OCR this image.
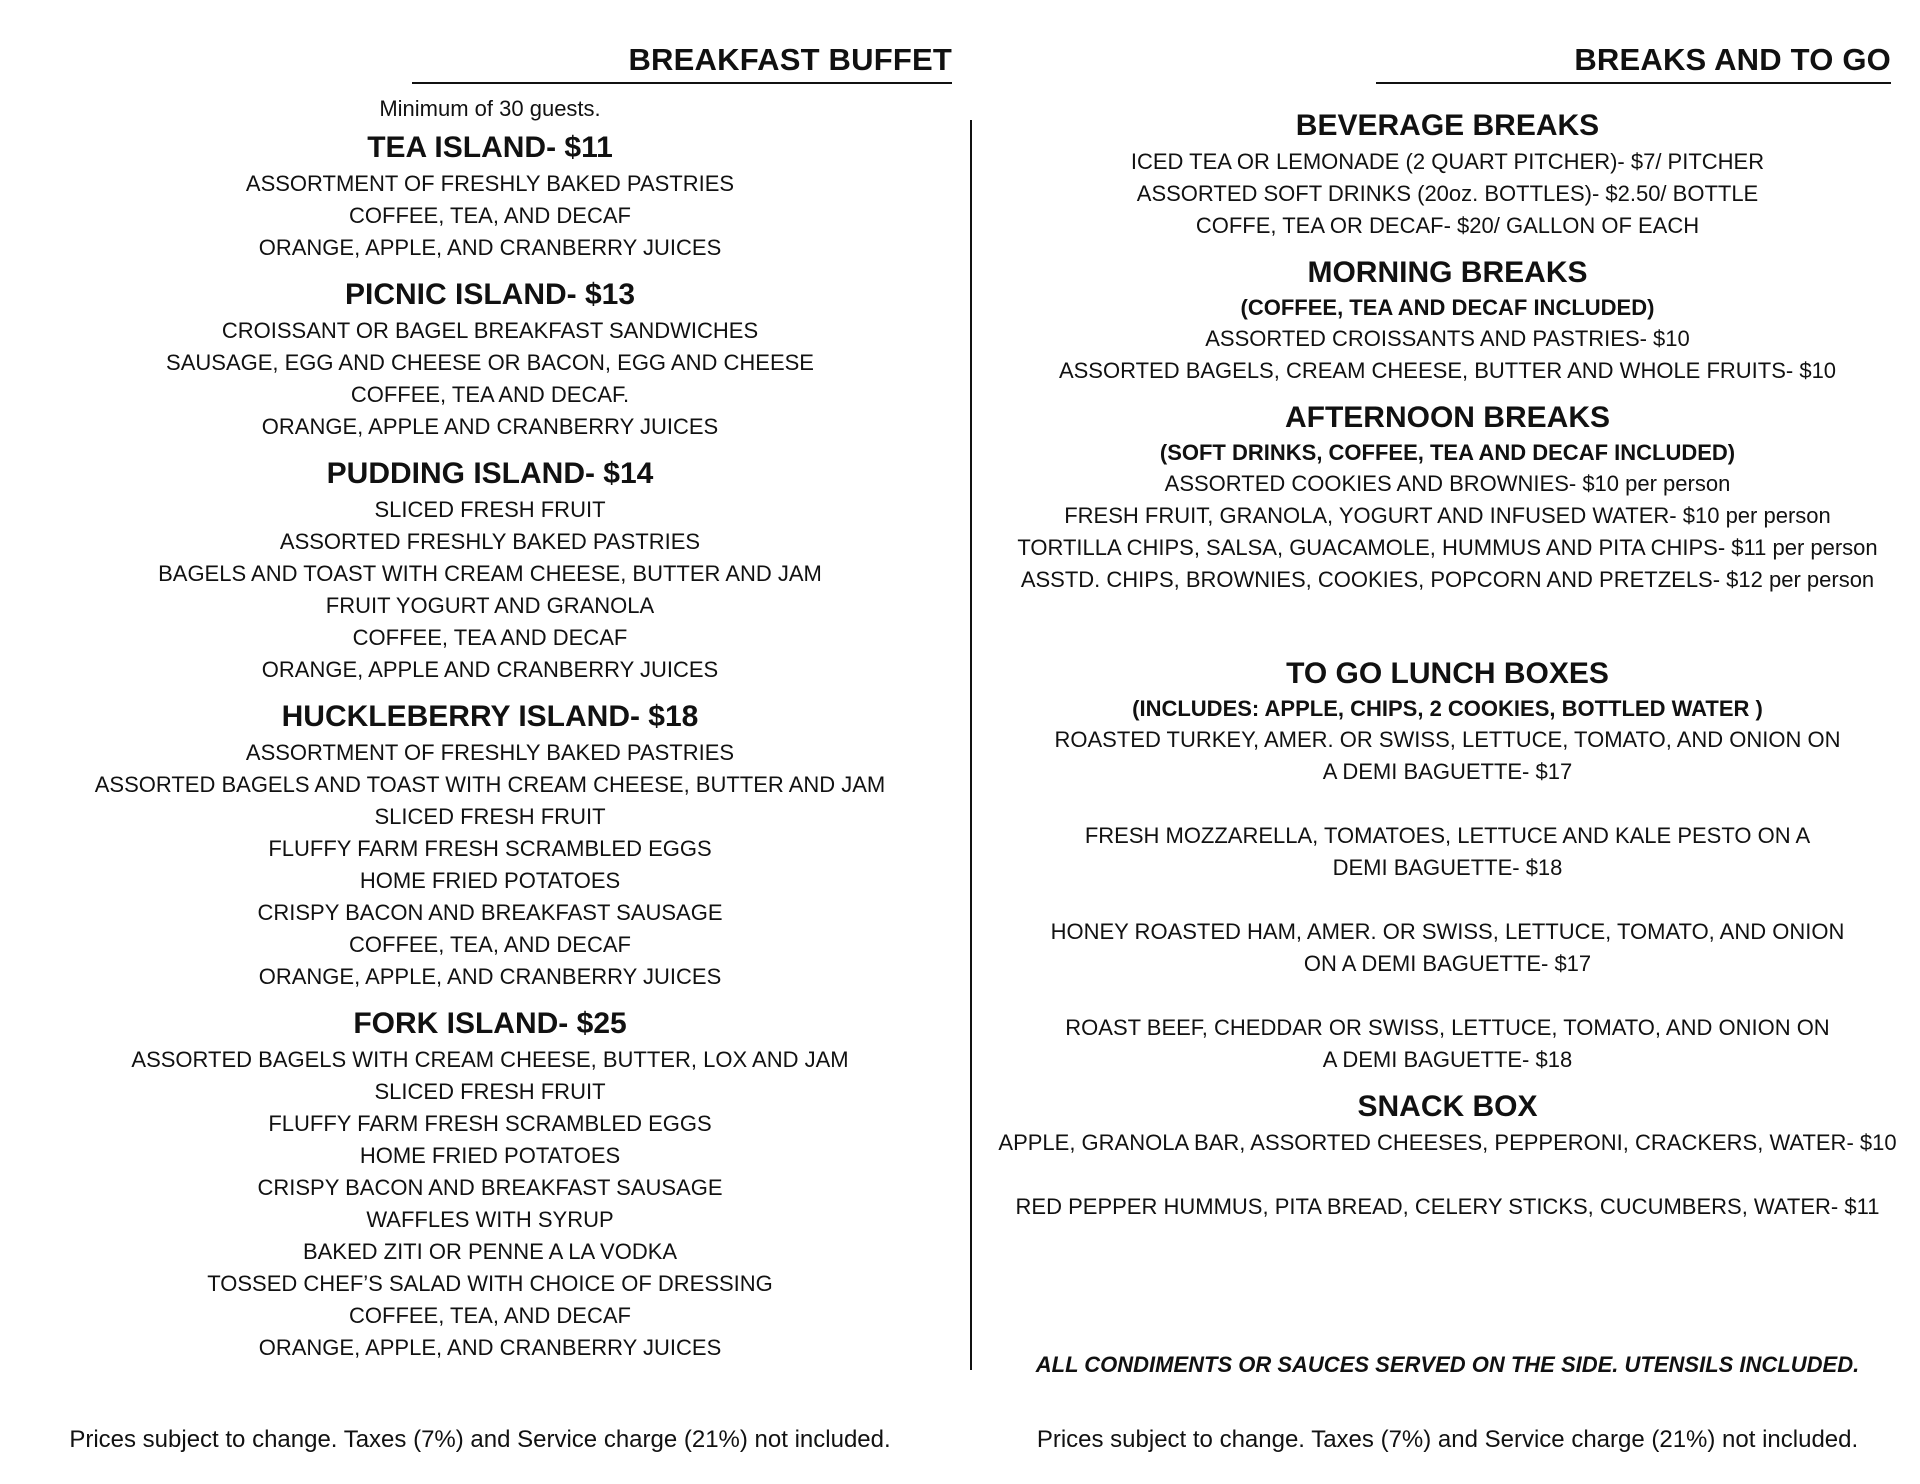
BREAKFAST BUFFET	BREAKS AND TO GO
Minimum of 30 guests.
TEA ISLAND- $11
ASSORTMENT OF FRESHLY BAKED PASTRIES
COFFEE, TEA, AND DECAF
ORANGE, APPLE, AND CRANBERRY JUICES
PICNIC ISLAND- $13
CROISSANT OR BAGEL BREAKFAST SANDWICHES
SAUSAGE, EGG AND CHEESE OR BACON, EGG AND CHEESE
COFFEE, TEA AND DECAF.
ORANGE, APPLE AND CRANBERRY JUICES
PUDDING ISLAND- $14
SLICED FRESH FRUIT
ASSORTED FRESHLY BAKED PASTRIES
BAGELS AND TOAST WITH CREAM CHEESE, BUTTER AND JAM
FRUIT YOGURT AND GRANOLA
COFFEE, TEA AND DECAF
ORANGE, APPLE AND CRANBERRY JUICES
HUCKLEBERRY ISLAND- $18
ASSORTMENT OF FRESHLY BAKED PASTRIES
ASSORTED BAGELS AND TOAST WITH CREAM CHEESE, BUTTER AND JAM
SLICED FRESH FRUIT
FLUFFY FARM FRESH SCRAMBLED EGGS
HOME FRIED POTATOES
CRISPY BACON AND BREAKFAST SAUSAGE
COFFEE, TEA, AND DECAF
ORANGE, APPLE, AND CRANBERRY JUICES
FORK ISLAND- $25
ASSORTED BAGELS WITH CREAM CHEESE, BUTTER, LOX AND JAM
SLICED FRESH FRUIT
FLUFFY FARM FRESH SCRAMBLED EGGS
HOME FRIED POTATOES
CRISPY BACON AND BREAKFAST SAUSAGE
WAFFLES WITH SYRUP
BAKED ZITI OR PENNE A LA VODKA
TOSSED CHEF’S SALAD WITH CHOICE OF DRESSING
COFFEE, TEA, AND DECAF
ORANGE, APPLE, AND CRANBERRY JUICES
BEVERAGE BREAKS
ICED TEA OR LEMONADE (2 QUART PITCHER)- $7/ PITCHER
ASSORTED SOFT DRINKS (20oz. BOTTLES)- $2.50/ BOTTLE
COFFE, TEA OR DECAF- $20/ GALLON OF EACH
MORNING BREAKS
(COFFEE, TEA AND DECAF INCLUDED)
ASSORTED CROISSANTS AND PASTRIES- $10
ASSORTED BAGELS, CREAM CHEESE, BUTTER AND WHOLE FRUITS- $10
AFTERNOON BREAKS
(SOFT DRINKS, COFFEE, TEA AND DECAF INCLUDED)
ASSORTED COOKIES AND BROWNIES- $10 per person
FRESH FRUIT, GRANOLA, YOGURT AND INFUSED WATER- $10 per person
TORTILLA CHIPS, SALSA, GUACAMOLE, HUMMUS AND PITA CHIPS- $11 per person
ASSTD. CHIPS, BROWNIES, COOKIES, POPCORN AND PRETZELS- $12 per person
TO GO LUNCH BOXES
(INCLUDES: APPLE, CHIPS, 2 COOKIES, BOTTLED WATER )
ROASTED TURKEY, AMER. OR SWISS, LETTUCE, TOMATO, AND ONION ON
A DEMI BAGUETTE- $17
FRESH MOZZARELLA, TOMATOES, LETTUCE AND KALE PESTO ON A
DEMI BAGUETTE- $18
HONEY ROASTED HAM, AMER. OR SWISS, LETTUCE, TOMATO, AND ONION
ON A DEMI BAGUETTE- $17
ROAST BEEF, CHEDDAR OR SWISS, LETTUCE, TOMATO, AND ONION ON
A DEMI BAGUETTE- $18
SNACK BOX
APPLE, GRANOLA BAR, ASSORTED CHEESES, PEPPERONI, CRACKERS, WATER- $10
RED PEPPER HUMMUS, PITA BREAD, CELERY STICKS, CUCUMBERS, WATER- $11
ALL CONDIMENTS OR SAUCES SERVED ON THE SIDE. UTENSILS INCLUDED.
Prices subject to change. Taxes (7%) and Service charge (21%) not included.	Prices subject to change. Taxes (7%) and Service charge (21%) not included.
